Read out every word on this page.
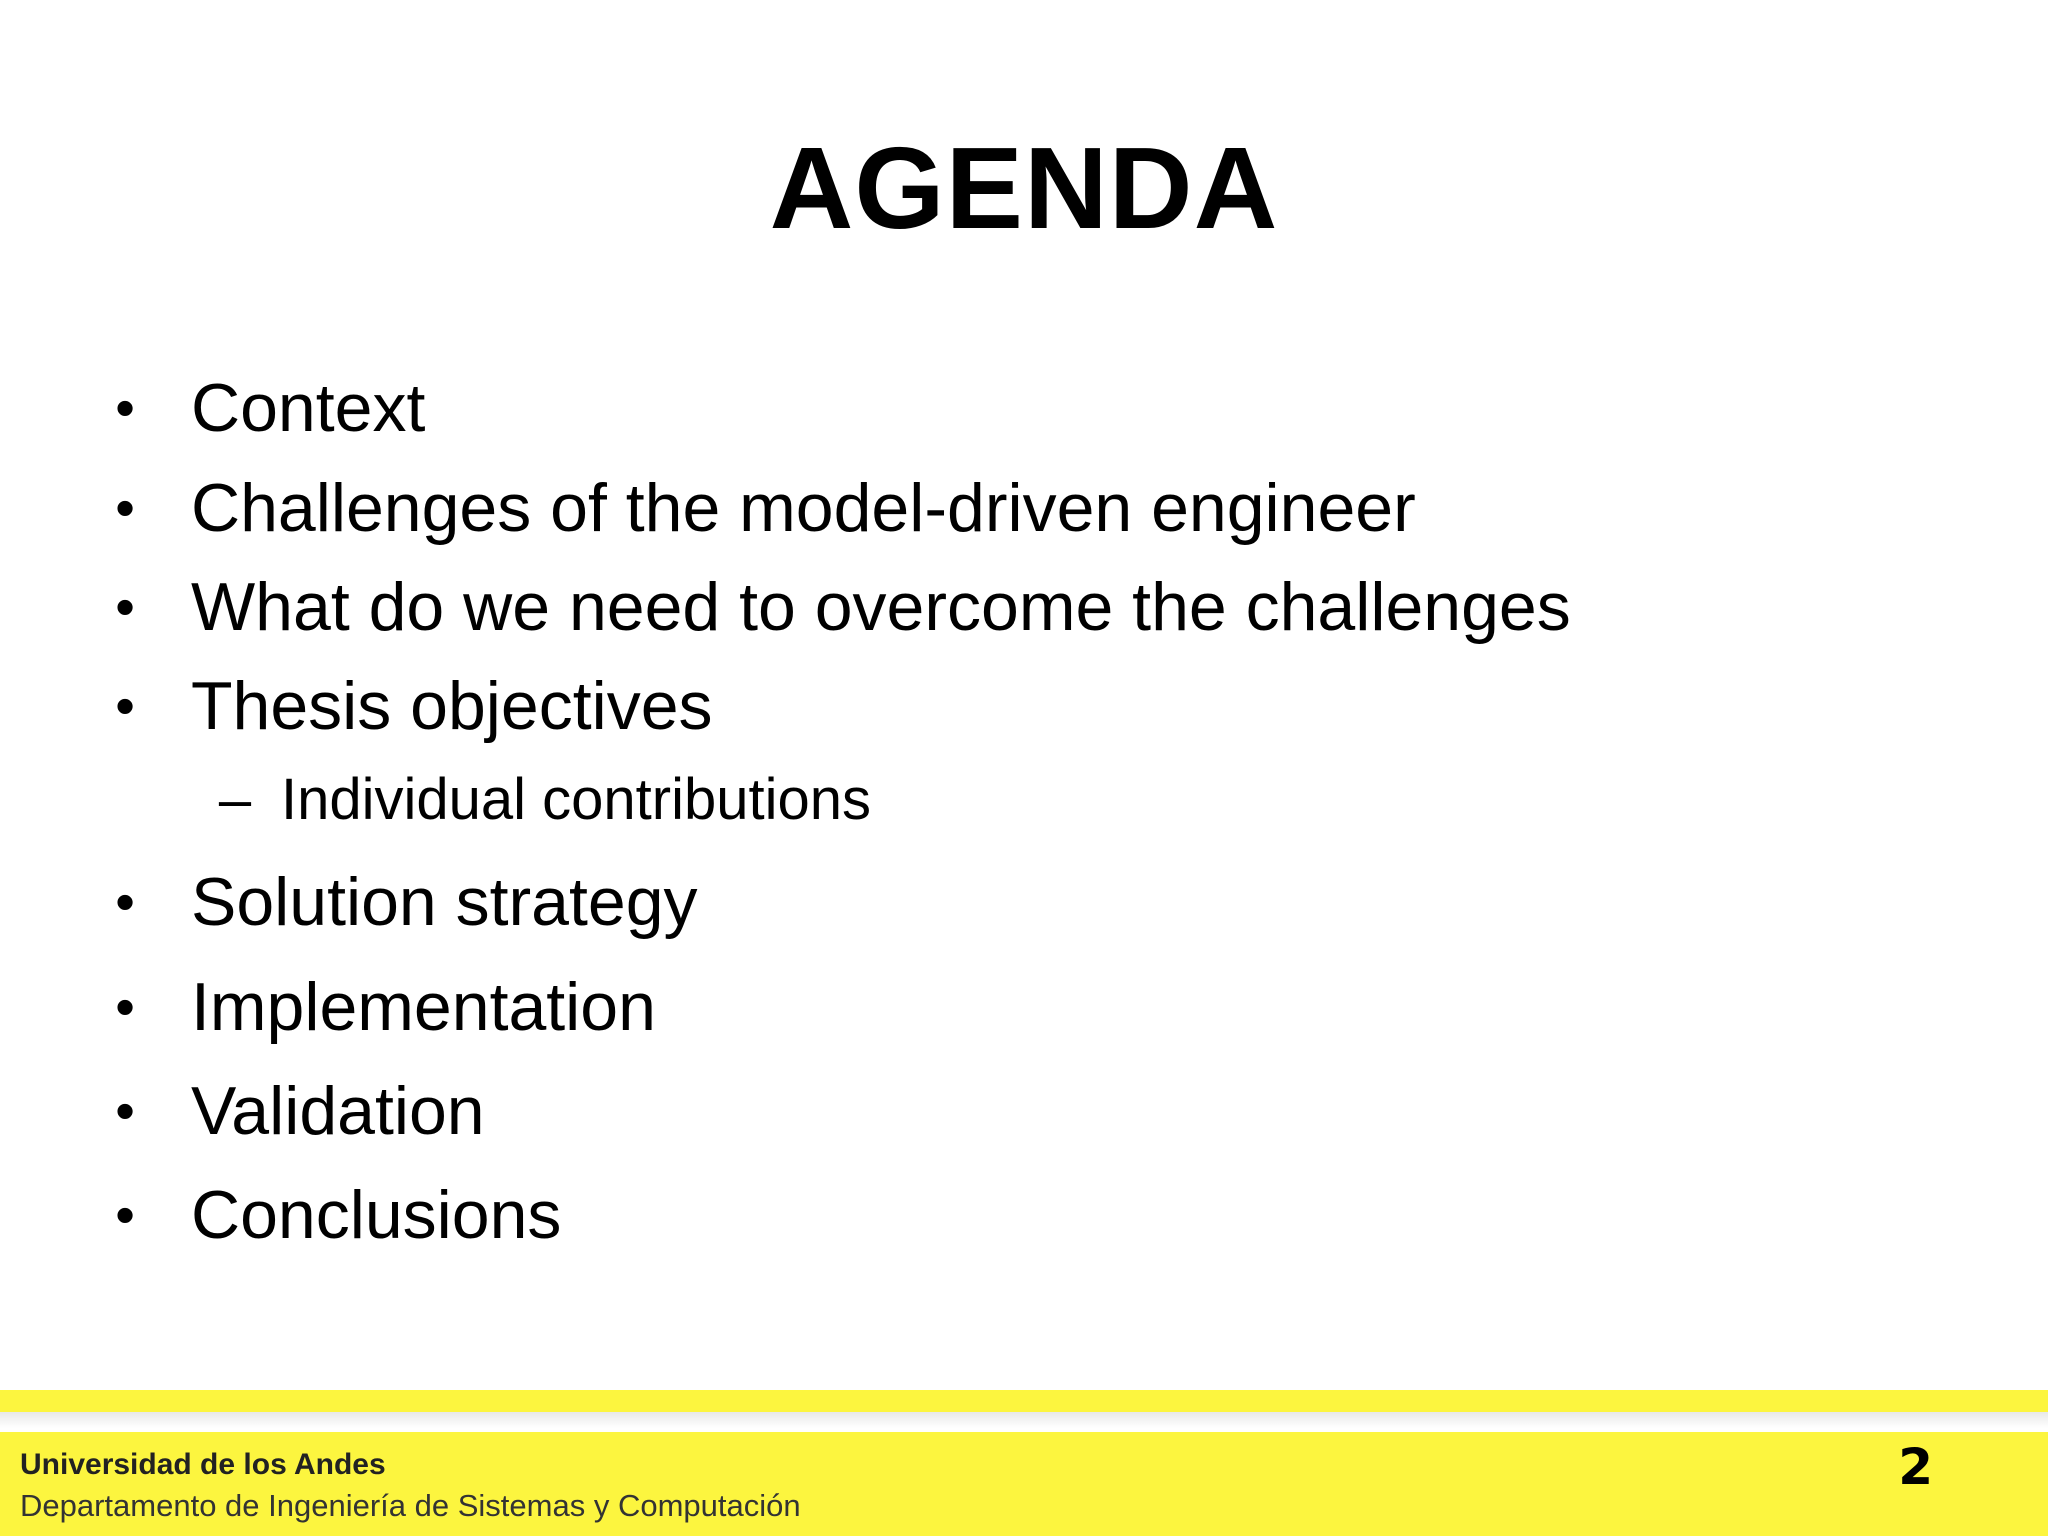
AGENDA
• Context
• Challenges of the model-driven engineer
• What do we need to overcome the challenges
• Thesis objectives
– Individual contributions
• Solution strategy
• Implementation
• Validation
• Conclusions
Universidad de los Andes
Departamento de Ingeniería de Sistemas y Computación
2
